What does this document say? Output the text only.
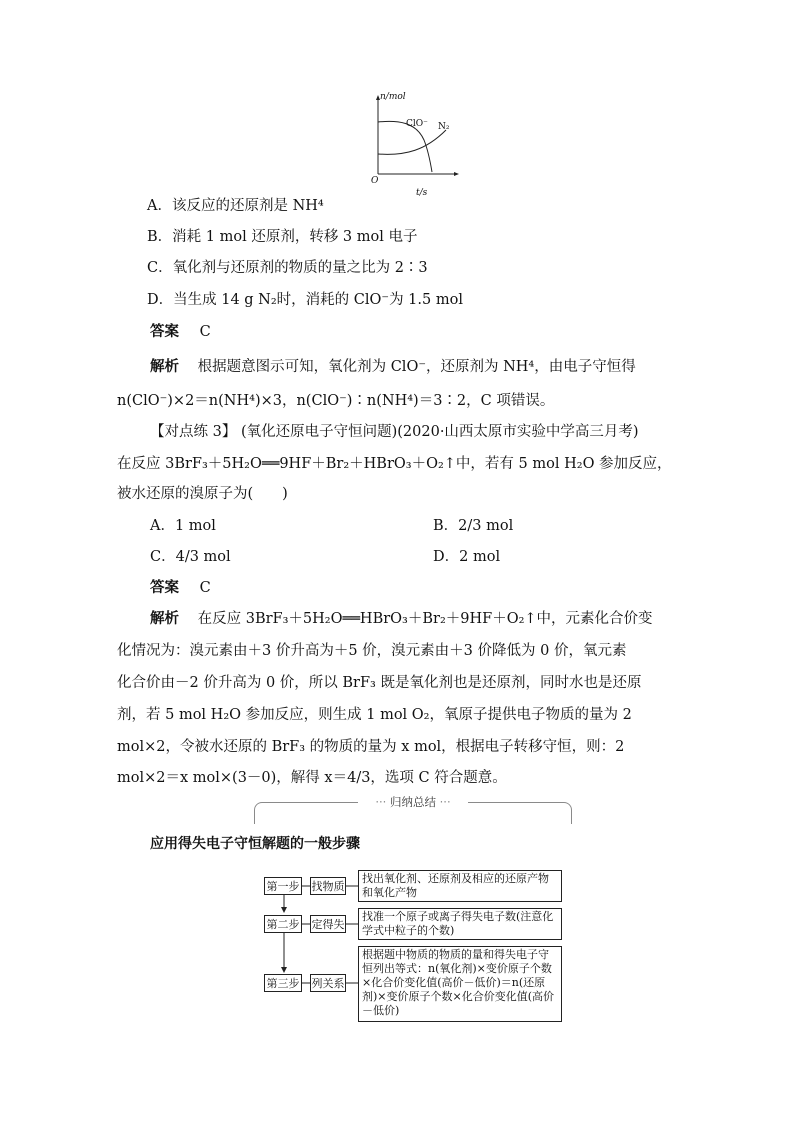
n/mol
t/s
O
ClO⁻ N₂
A．该反应的还原剂是 NH⁴
B．消耗 1 mol 还原剂，转移 3 mol 电子
C．氧化剂与还原剂的物质的量之比为 2∶3
D．当生成 14 g N₂时，消耗的 ClO⁻为 1.5 mol
答案 C
解析 根据题意图示可知，氧化剂为 ClO⁻，还原剂为 NH⁴，由电子守恒得
n(ClO⁻)×2＝n(NH⁴)×3，n(ClO⁻)∶n(NH⁴)＝3∶2，C 项错误。
【对点练 3】 (氧化还原电子守恒问题)(2020·山西太原市实验中学高三月考)
在反应 3BrF₃＋5H₂O══9HF＋Br₂＋HBrO₃＋O₂↑中，若有 5 mol H₂O 参加反应，
被水还原的溴原子为(　　)
A．1 mol	B．2/3 mol
C．4/3 mol	D．2 mol
答案 C
解析 在反应 3BrF₃＋5H₂O══HBrO₃＋Br₂＋9HF＋O₂↑中，元素化合价变
化情况为：溴元素由＋3 价升高为＋5 价，溴元素由＋3 价降低为 0 价，氧元素
化合价由－2 价升高为 0 价，所以 BrF₃ 既是氧化剂也是还原剂，同时水也是还原
剂，若 5 mol H₂O 参加反应，则生成 1 mol O₂，氧原子提供电子物质的量为 2
mol×2，令被水还原的 BrF₃ 的物质的量为 x mol，根据电子转移守恒，则：2
mol×2＝x mol×(3－0)，解得 x＝4/3，选项 C 符合题意。
··· 归纳总结 ···
应用得失电子守恒解题的一般步骤
第一步 找物质
找出氧化剂、还原剂及相应的还原产物和氧化产物
第二步 定得失
找准一个原子或离子得失电子数(注意化学式中粒子的个数)
第三步 列关系
根据题中物质的物质的量和得失电子守恒列出等式：n(氧化剂)×变价原子个数×化合价变化值(高价－低价)＝n(还原剂)×变价原子个数×化合价变化值(高价－低价)
